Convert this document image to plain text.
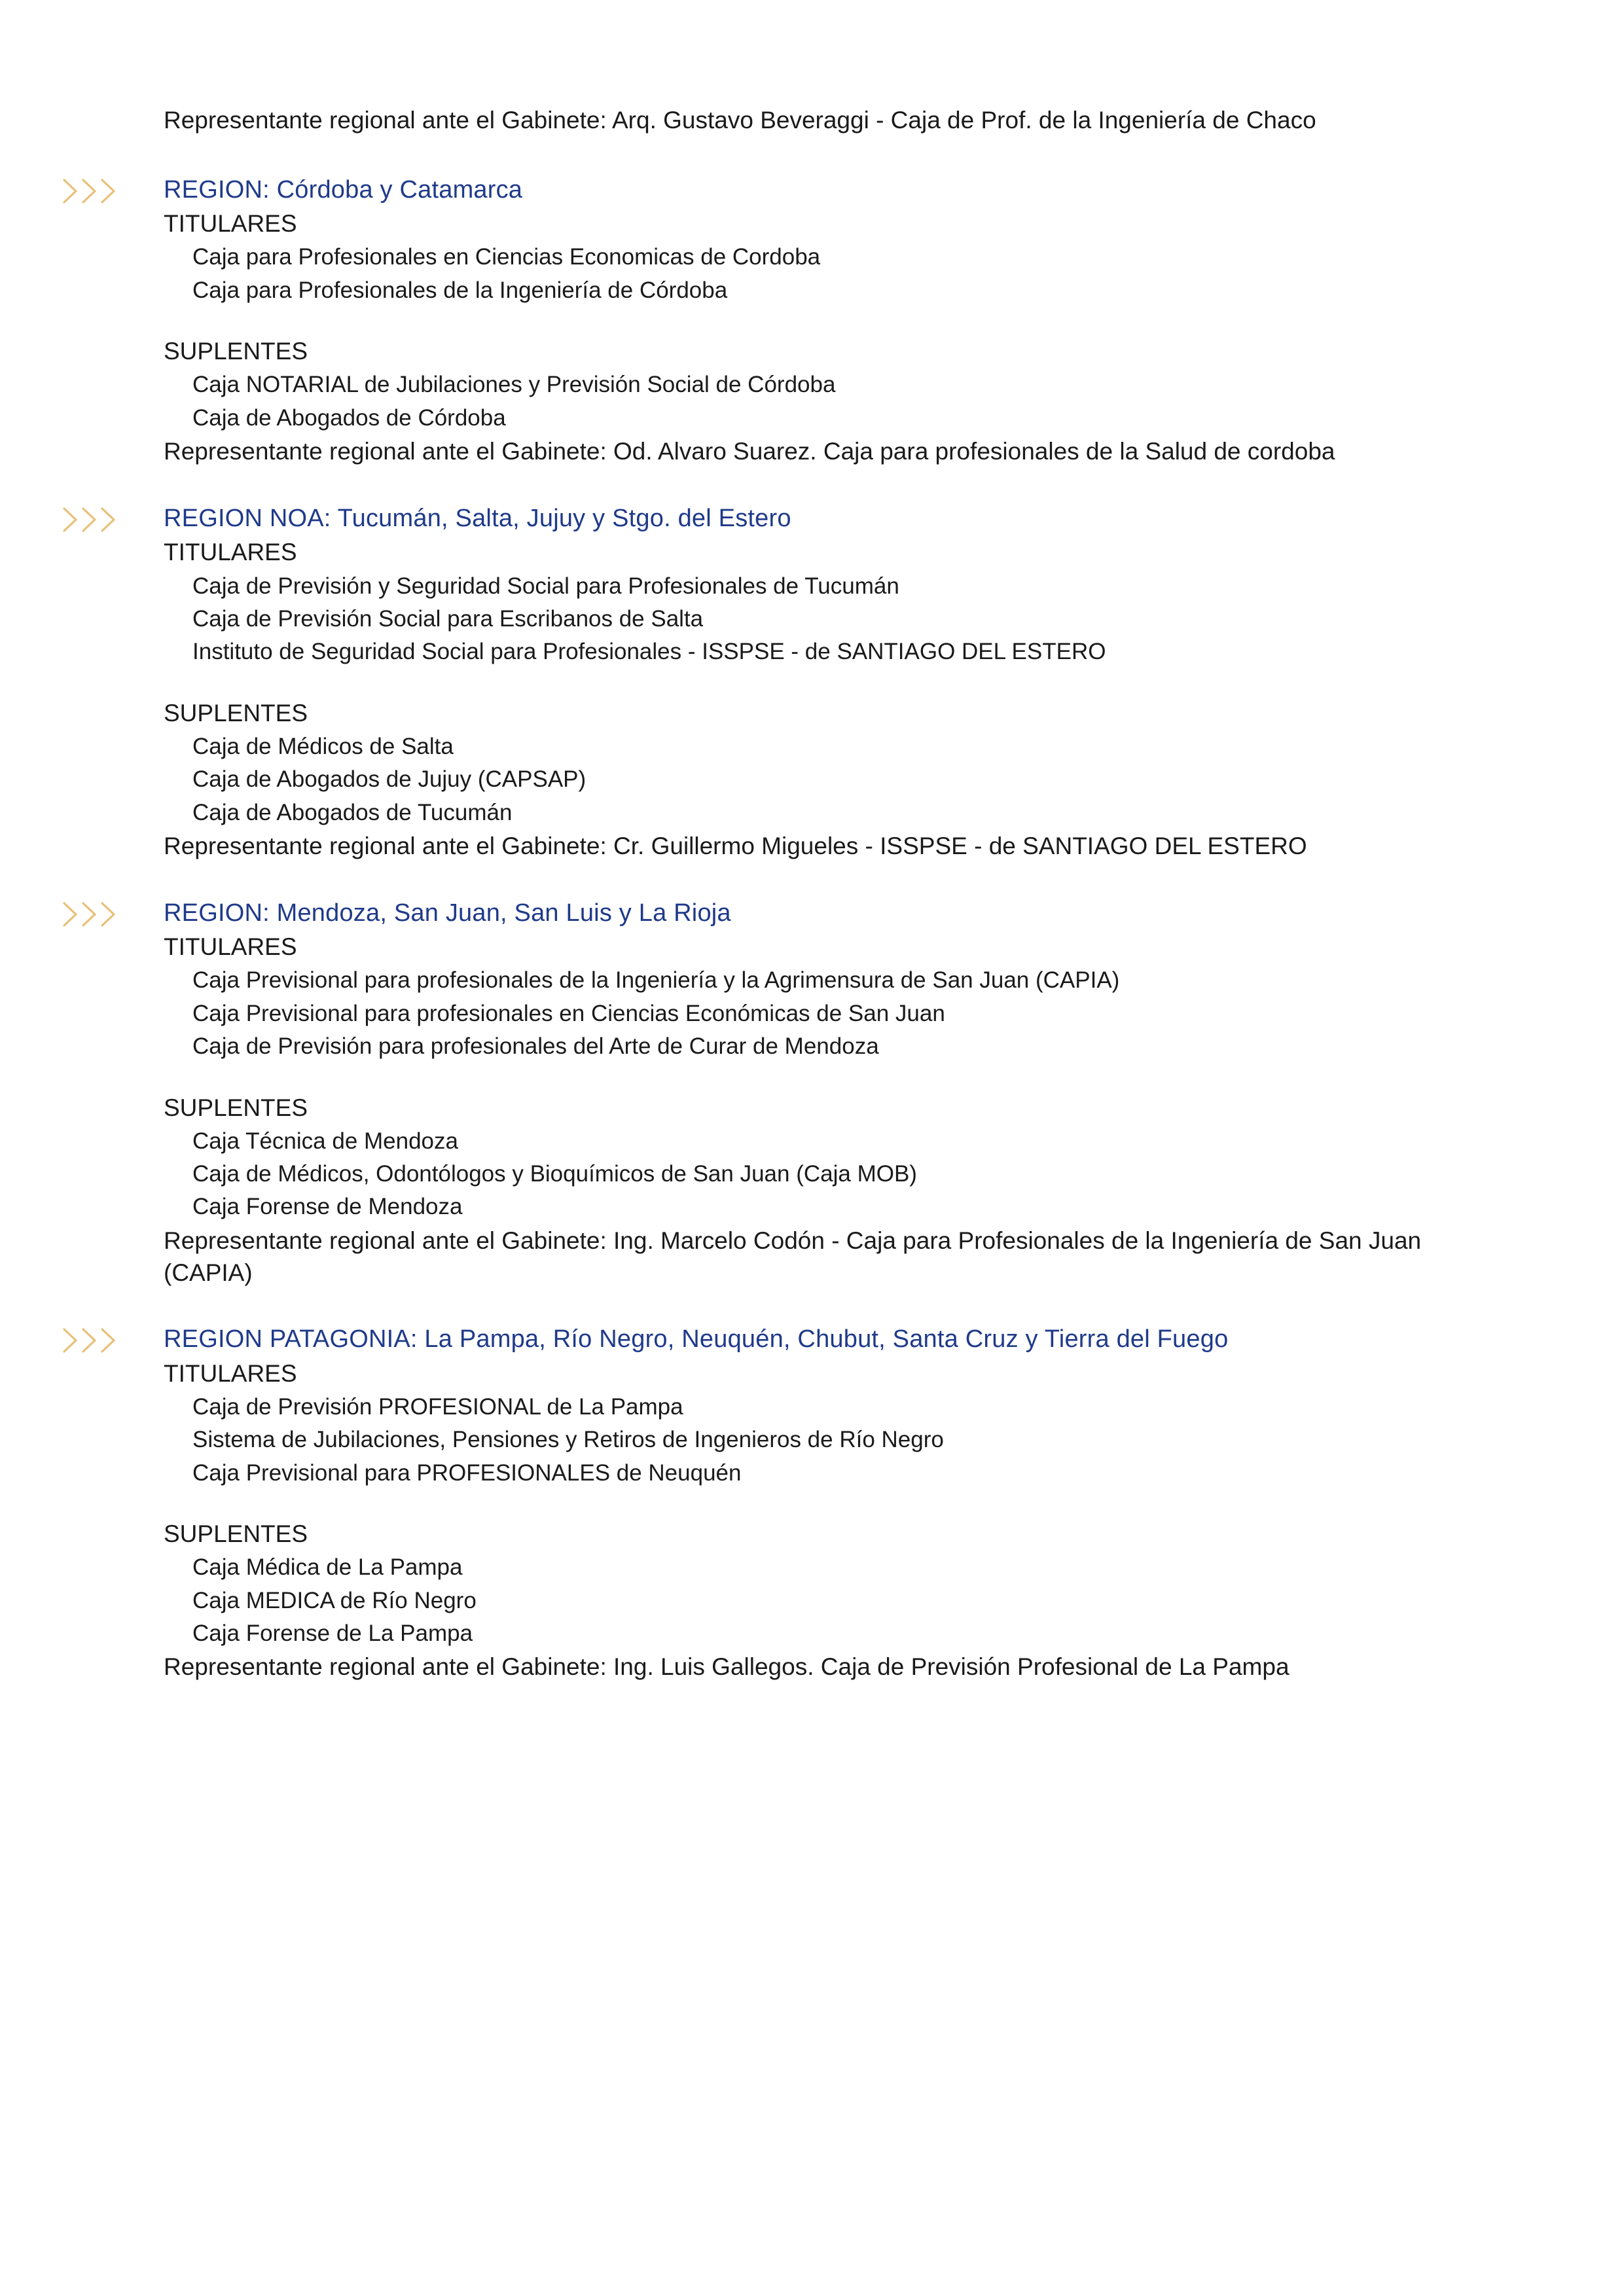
Representante regional ante el Gabinete: Arq. Gustavo Beveraggi - Caja de Prof. de la Ingeniería de Chaco

REGION: Córdoba y Catamarca
TITULARES
Caja para Profesionales en Ciencias Economicas de Cordoba
Caja para Profesionales de la Ingeniería de Córdoba
SUPLENTES
Caja NOTARIAL de Jubilaciones y Previsión Social de Córdoba
Caja de Abogados de Córdoba

Representante regional ante el Gabinete: Od. Alvaro Suarez. Caja para profesionales de la Salud de cordoba

REGION NOA: Tucumán, Salta, Jujuy y Stgo. del Estero
TITULARES
Caja de Previsión y Seguridad Social para Profesionales de Tucumán
Caja de Previsión Social para Escribanos de Salta
Instituto de Seguridad Social para Profesionales - ISSPSE - de SANTIAGO DEL ESTERO
SUPLENTES
Caja de Médicos de Salta
Caja de Abogados de Jujuy (CAPSAP)
Caja de Abogados de Tucumán

Representante regional ante el Gabinete: Cr. Guillermo Migueles - ISSPSE - de SANTIAGO DEL ESTERO

REGION: Mendoza, San Juan, San Luis y La Rioja
TITULARES
Caja Previsional para profesionales de la Ingeniería y la Agrimensura de San Juan (CAPIA)
Caja Previsional para profesionales en Ciencias Económicas de San Juan
Caja de Previsión para profesionales del Arte de Curar de Mendoza
SUPLENTES
Caja Técnica de Mendoza
Caja de Médicos, Odontólogos y Bioquímicos de San Juan (Caja MOB)
Caja Forense de Mendoza

Representante regional ante el Gabinete: Ing. Marcelo Codón - Caja para Profesionales de la Ingeniería de San Juan (CAPIA)

REGION PATAGONIA: La Pampa, Río Negro, Neuquén, Chubut, Santa Cruz y Tierra del Fuego
TITULARES
Caja de Previsión PROFESIONAL de La Pampa
Sistema de Jubilaciones, Pensiones y Retiros de Ingenieros de Río Negro
Caja Previsional para PROFESIONALES de Neuquén
SUPLENTES
Caja Médica de La Pampa
Caja MEDICA de Río Negro
Caja Forense de La Pampa

Representante regional ante el Gabinete: Ing. Luis Gallegos. Caja de Previsión Profesional de La Pampa
